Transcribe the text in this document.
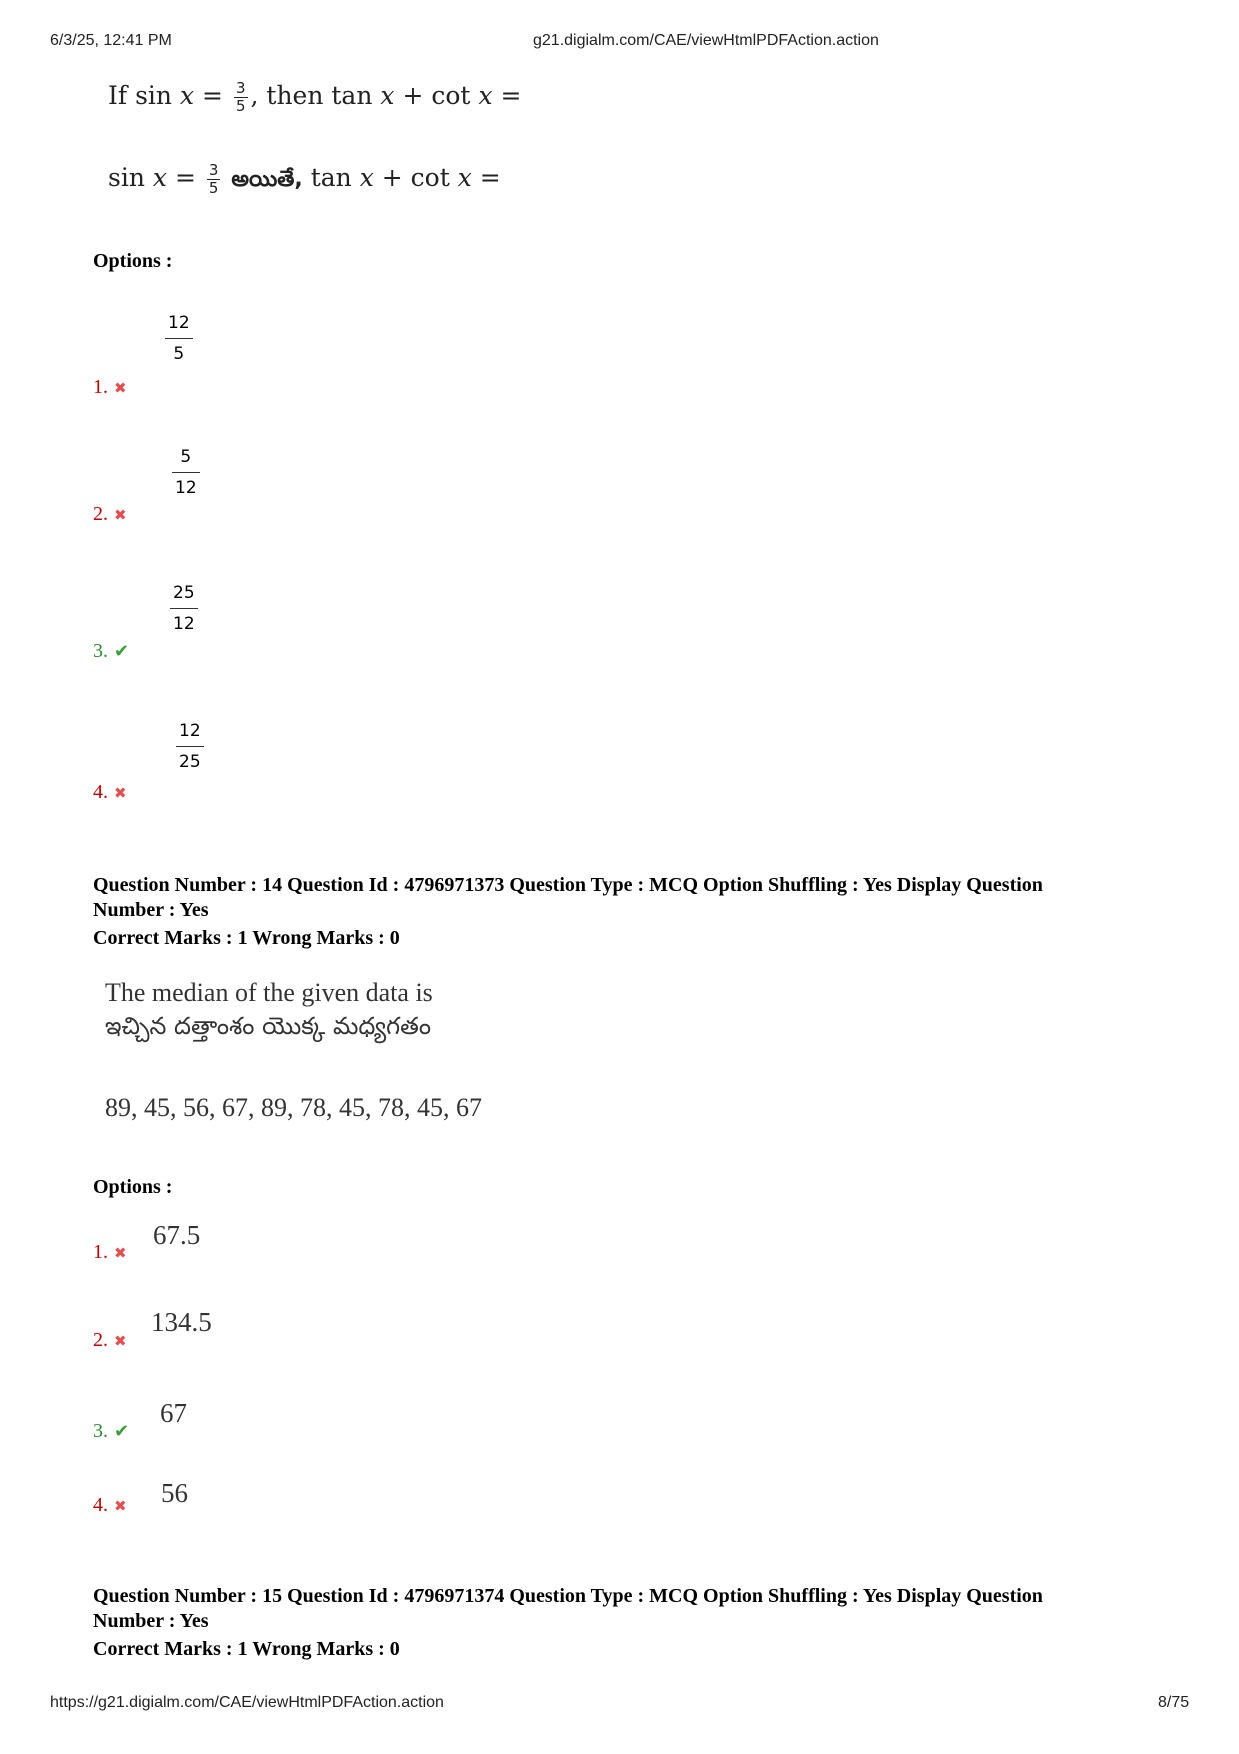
6/3/25, 12:41 PM	g21.digialm.com/CAE/viewHtmlPDFAction.action
If $\sin x = \frac{3}{5}$ , then tan x + cot x =
$\sin x = \frac{3}{5}$ అయితే, tan x + cot x =
Options :
$\frac{12}{5}$
1. ✖
$\frac{5}{12}$
2. ✖
$\frac{25}{12}$
3. ✔
$\frac{12}{25}$
4. ✖
Question Number : 14 Question Id : 4796971373 Question Type : MCQ Option Shuffling : Yes Display Question
Number : Yes
Correct Marks : 1 Wrong Marks : 0
The median of the given data is
ఇచ్చిన దత్తాంశం యొక్క మధ్యగతం
89, 45, 56, 67, 89, 78, 45, 78, 45, 67
Options :
67.5
1. ✖
134.5
2. ✖
67
3. ✔
56
4. ✖
Question Number : 15 Question Id : 4796971374 Question Type : MCQ Option Shuffling : Yes Display Question
Number : Yes
Correct Marks : 1 Wrong Marks : 0
https://g21.digialm.com/CAE/viewHtmlPDFAction.action	8/75
